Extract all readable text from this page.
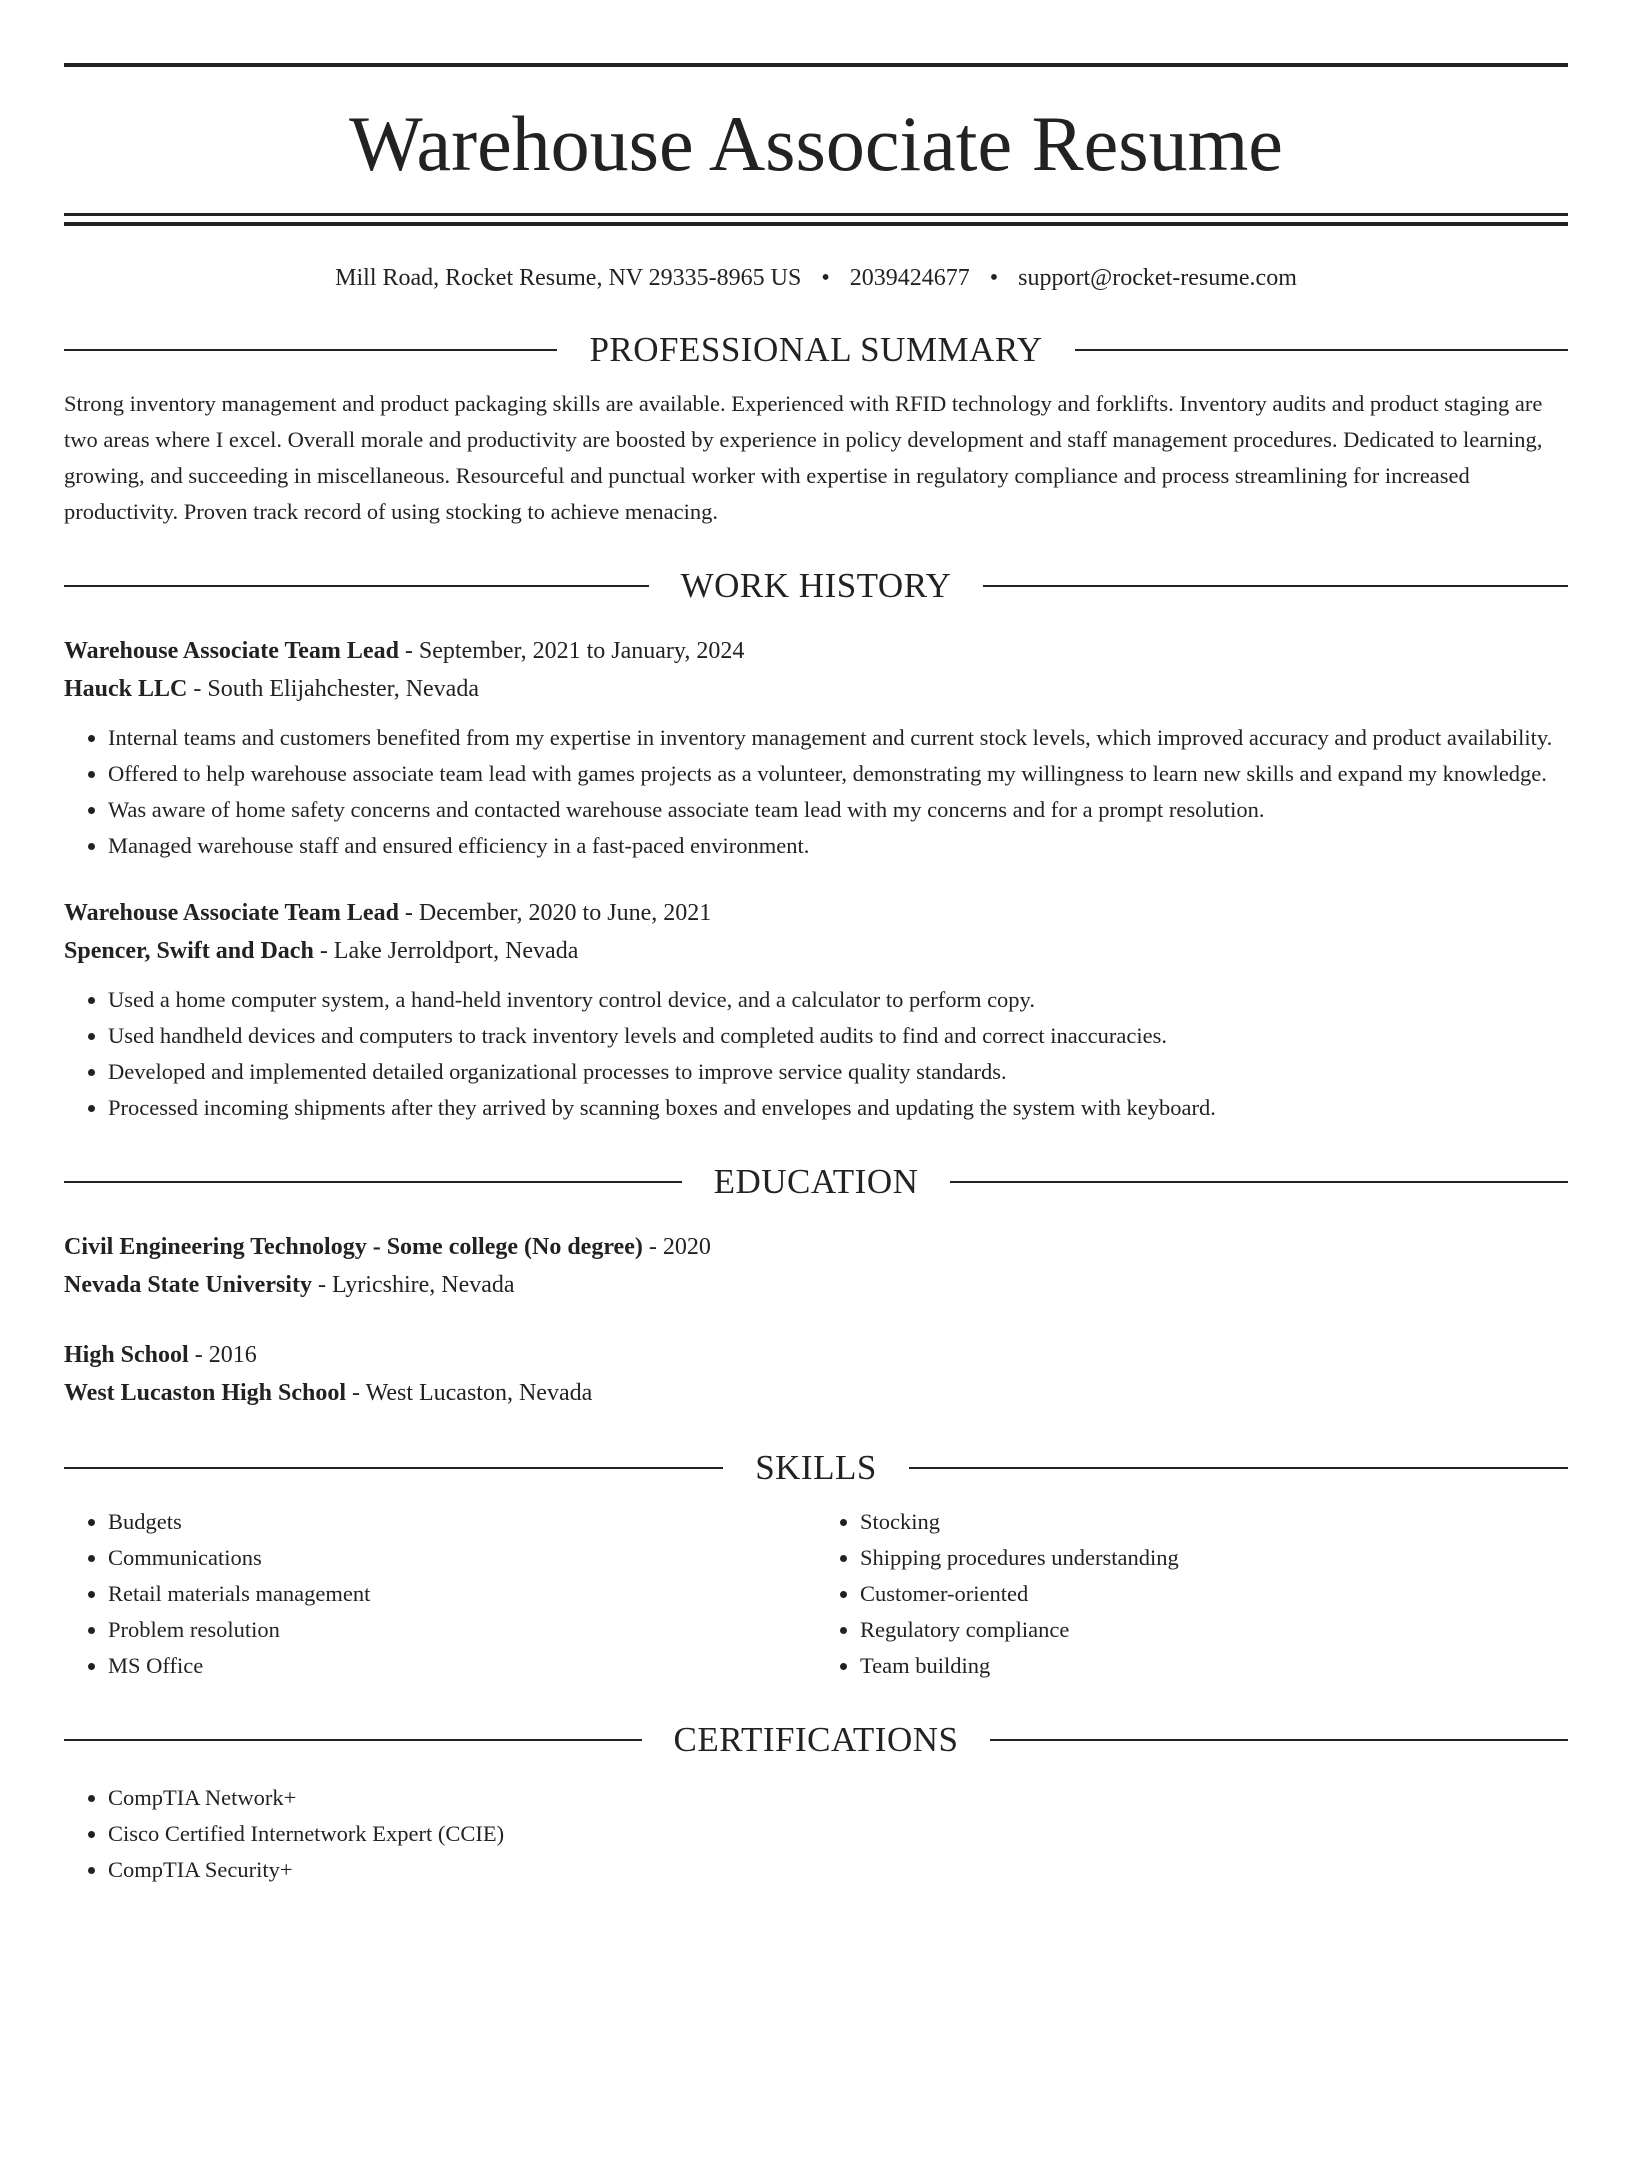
Warehouse Associate Resume
Mill Road, Rocket Resume, NV 29335-8965 US • 2039424677 • support@rocket-resume.com
PROFESSIONAL SUMMARY

Strong inventory management and product packaging skills are available. Experienced with RFID technology and forklifts. Inventory audits and product staging are two areas where I excel. Overall morale and productivity are boosted by experience in policy development and staff management procedures. Dedicated to learning, growing, and succeeding in miscellaneous. Resourceful and punctual worker with expertise in regulatory compliance and process streamlining for increased productivity. Proven track record of using stocking to achieve menacing.

WORK HISTORY
Warehouse Associate Team Lead - September, 2021 to January, 2024
Hauck LLC - South Elijahchester, Nevada
• Internal teams and customers benefited from my expertise in inventory management and current stock levels, which improved accuracy and product availability.
• Offered to help warehouse associate team lead with games projects as a volunteer, demonstrating my willingness to learn new skills and expand my knowledge.
• Was aware of home safety concerns and contacted warehouse associate team lead with my concerns and for a prompt resolution.
• Managed warehouse staff and ensured efficiency in a fast-paced environment.
Warehouse Associate Team Lead - December, 2020 to June, 2021
Spencer, Swift and Dach - Lake Jerroldport, Nevada
• Used a home computer system, a hand-held inventory control device, and a calculator to perform copy.
• Used handheld devices and computers to track inventory levels and completed audits to find and correct inaccuracies.
• Developed and implemented detailed organizational processes to improve service quality standards.
• Processed incoming shipments after they arrived by scanning boxes and envelopes and updating the system with keyboard.
EDUCATION
Civil Engineering Technology - Some college (No degree) - 2020
Nevada State University - Lyricshire, Nevada
High School - 2016
West Lucaston High School - West Lucaston, Nevada
SKILLS
• Budgets
• Communications
• Retail materials management
• Problem resolution
• MS Office
• Stocking
• Shipping procedures understanding
• Customer-oriented
• Regulatory compliance
• Team building
CERTIFICATIONS
• CompTIA Network+
• Cisco Certified Internetwork Expert (CCIE)
• CompTIA Security+
